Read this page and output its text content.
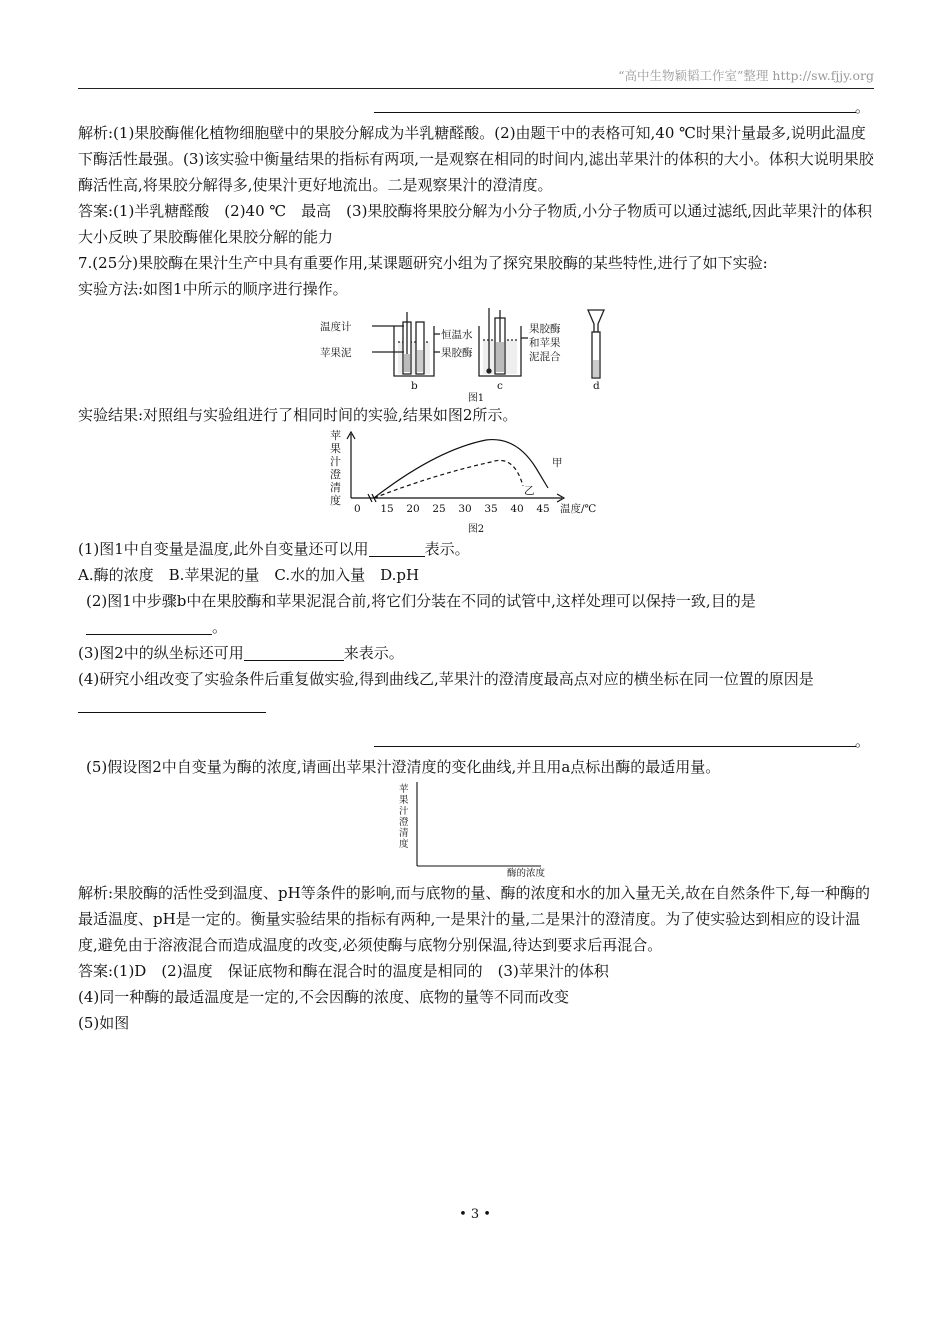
“高中生物颖韬工作室”整理 http://sw.fjjy.org
。

解析:(1)果胶酶催化植物细胞壁中的果胶分解成为半乳糖醛酸。(2)由题干中的表格可知,40 ℃时果汁量最多,说明此温度下酶活性最强。(3)该实验中衡量结果的指标有两项,一是观察在相同的时间内,滤出苹果汁的体积的大小。体积大说明果胶酶活性高,将果胶分解得多,使果汁更好地流出。二是观察果汁的澄清度。

答案:(1)半乳糖醛酸　(2)40 ℃　最高　(3)果胶酶将果胶分解为小分子物质,小分子物质可以通过滤纸,因此苹果汁的体积大小反映了果胶酶催化果胶分解的能力

7.(25分)果胶酶在果汁生产中具有重要作用,某课题研究小组为了探究果胶酶的某些特性,进行了如下实验:

实验方法:如图1中所示的顺序进行操作。

温度计
苹果泥
恒温水
果胶酶
果胶酶
和苹果
泥混合
b	c	d
图1

实验结果:对照组与实验组进行了相同时间的实验,结果如图2所示。

苹
果
汁
澄
清
度
0 15 20 25 30 35 40 45 温度/℃
甲
乙
图2

(1)图1中自变量是温度,此外自变量还可以用	表示。

A.酶的浓度　B.苹果泥的量　C.水的加入量　D.pH

(2)图1中步骤b中在果胶酶和苹果泥混合前,将它们分装在不同的试管中,这样处理可以保持一致,目的是。

(3)图2中的纵坐标还可用	来表示。

(4)研究小组改变了实验条件后重复做实验,得到曲线乙,苹果汁的澄清度最高点对应的横坐标在同一位置的原因是

。

(5)假设图2中自变量为酶的浓度,请画出苹果汁澄清度的变化曲线,并且用a点标出酶的最适用量。

苹
果
汁
澄
清
度
酶的浓度

解析:果胶酶的活性受到温度、pH等条件的影响,而与底物的量、酶的浓度和水的加入量无关,故在自然条件下,每一种酶的最适温度、pH是一定的。衡量实验结果的指标有两种,一是果汁的量,二是果汁的澄清度。为了使实验达到相应的设计温度,避免由于溶液混合而造成温度的改变,必须使酶与底物分别保温,待达到要求后再混合。

答案:(1)D　(2)温度　保证底物和酶在混合时的温度是相同的　(3)苹果汁的体积

(4)同一种酶的最适温度是一定的,不会因酶的浓度、底物的量等不同而改变

(5)如图

• 3 •
